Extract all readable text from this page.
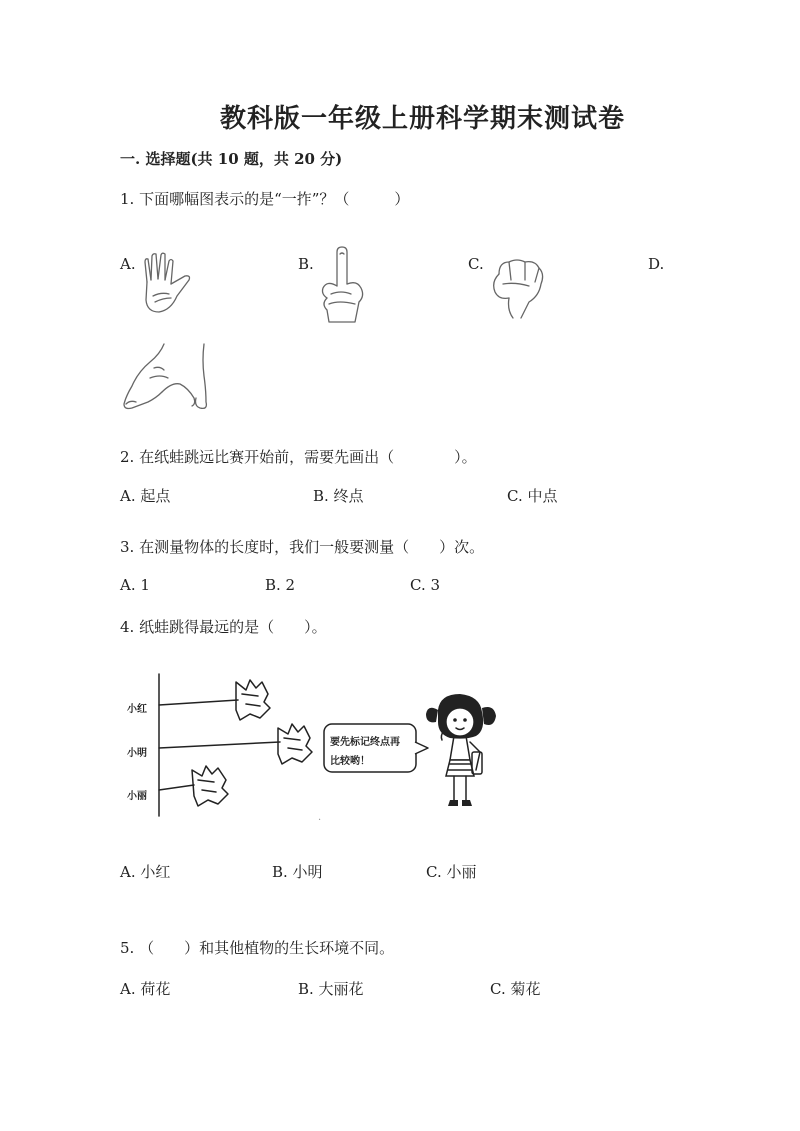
教科版一年级上册科学期末测试卷
一. 选择题(共 10 题，共 20 分)
1. 下面哪幅图表示的是“一拃”？（　　　）
A.	B.	C.	D.
2. 在纸蛙跳远比赛开始前，需要先画出（　　　　）。
A. 起点	B. 终点	C. 中点
3. 在测量物体的长度时，我们一般要测量（　　）次。
A. 1	B. 2	C. 3
4. 纸蛙跳得最远的是（　　）。
小红
小明
小丽
要先标记终点再
比较哟！
·
A. 小红	B. 小明	C. 小丽
5. （　　）和其他植物的生长环境不同。
A. 荷花	B. 大丽花	C. 菊花
